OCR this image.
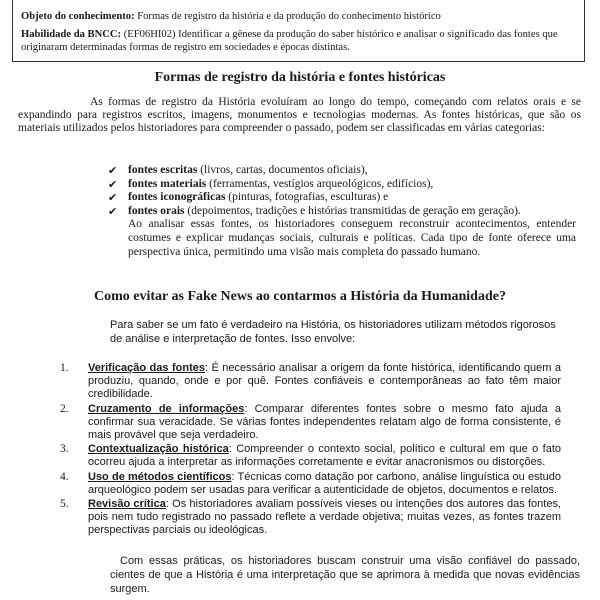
Objeto do conhecimento: Formas de registro da história e da produção do conhecimento histórico
Habilidade da BNCC: (EF06HI02) Identificar a gênese da produção do saber histórico e analisar o significado das fontes que originaram determinadas formas de registro em sociedades e épocas distintas.
Formas de registro da história e fontes históricas

As formas de registro da História evoluíram ao longo do tempo, começando com relatos orais e se expandindo para registros escritos, imagens, monumentos e tecnologias modernas. As fontes históricas, que são os materiais utilizados pelos historiadores para compreender o passado, podem ser classificadas em várias categorias:

✔ fontes escritas (livros, cartas, documentos oficiais),
✔ fontes materiais (ferramentas, vestígios arqueológicos, edifícios),
✔ fontes iconográficas (pinturas, fotografias, esculturas) e
✔ fontes orais (depoimentos, tradições e histórias transmitidas de geração em geração).
Ao analisar essas fontes, os historiadores conseguem reconstruir acontecimentos, entender costumes e explicar mudanças sociais, culturais e políticas. Cada tipo de fonte oferece uma perspectiva única, permitindo uma visão mais completa do passado humano.
Como evitar as Fake News ao contarmos a História da Humanidade?
Para saber se um fato é verdadeiro na História, os historiadores utilizam métodos rigorosos de análise e interpretação de fontes. Isso envolve:
1. Verificação das fontes: É necessário analisar a origem da fonte histórica, identificando quem a produziu, quando, onde e por quê. Fontes confiáveis e contemporâneas ao fato têm maior credibilidade.
2. Cruzamento de informações: Comparar diferentes fontes sobre o mesmo fato ajuda a confirmar sua veracidade. Se várias fontes independentes relatam algo de forma consistente, é mais provável que seja verdadeiro.
3. Contextualização histórica: Compreender o contexto social, político e cultural em que o fato ocorreu ajuda a interpretar as informações corretamente e evitar anacronismos ou distorções.
4. Uso de métodos científicos: Técnicas como datação por carbono, análise linguística ou estudo arqueológico podem ser usadas para verificar a autenticidade de objetos, documentos e relatos.
5. Revisão crítica: Os historiadores avaliam possíveis vieses ou intenções dos autores das fontes, pois nem tudo registrado no passado reflete a verdade objetiva; muitas vezes, as fontes trazem perspectivas parciais ou ideológicas.

Com essas práticas, os historiadores buscam construir uma visão confiável do passado, cientes de que a História é uma interpretação que se aprimora à medida que novas evidências surgem.
